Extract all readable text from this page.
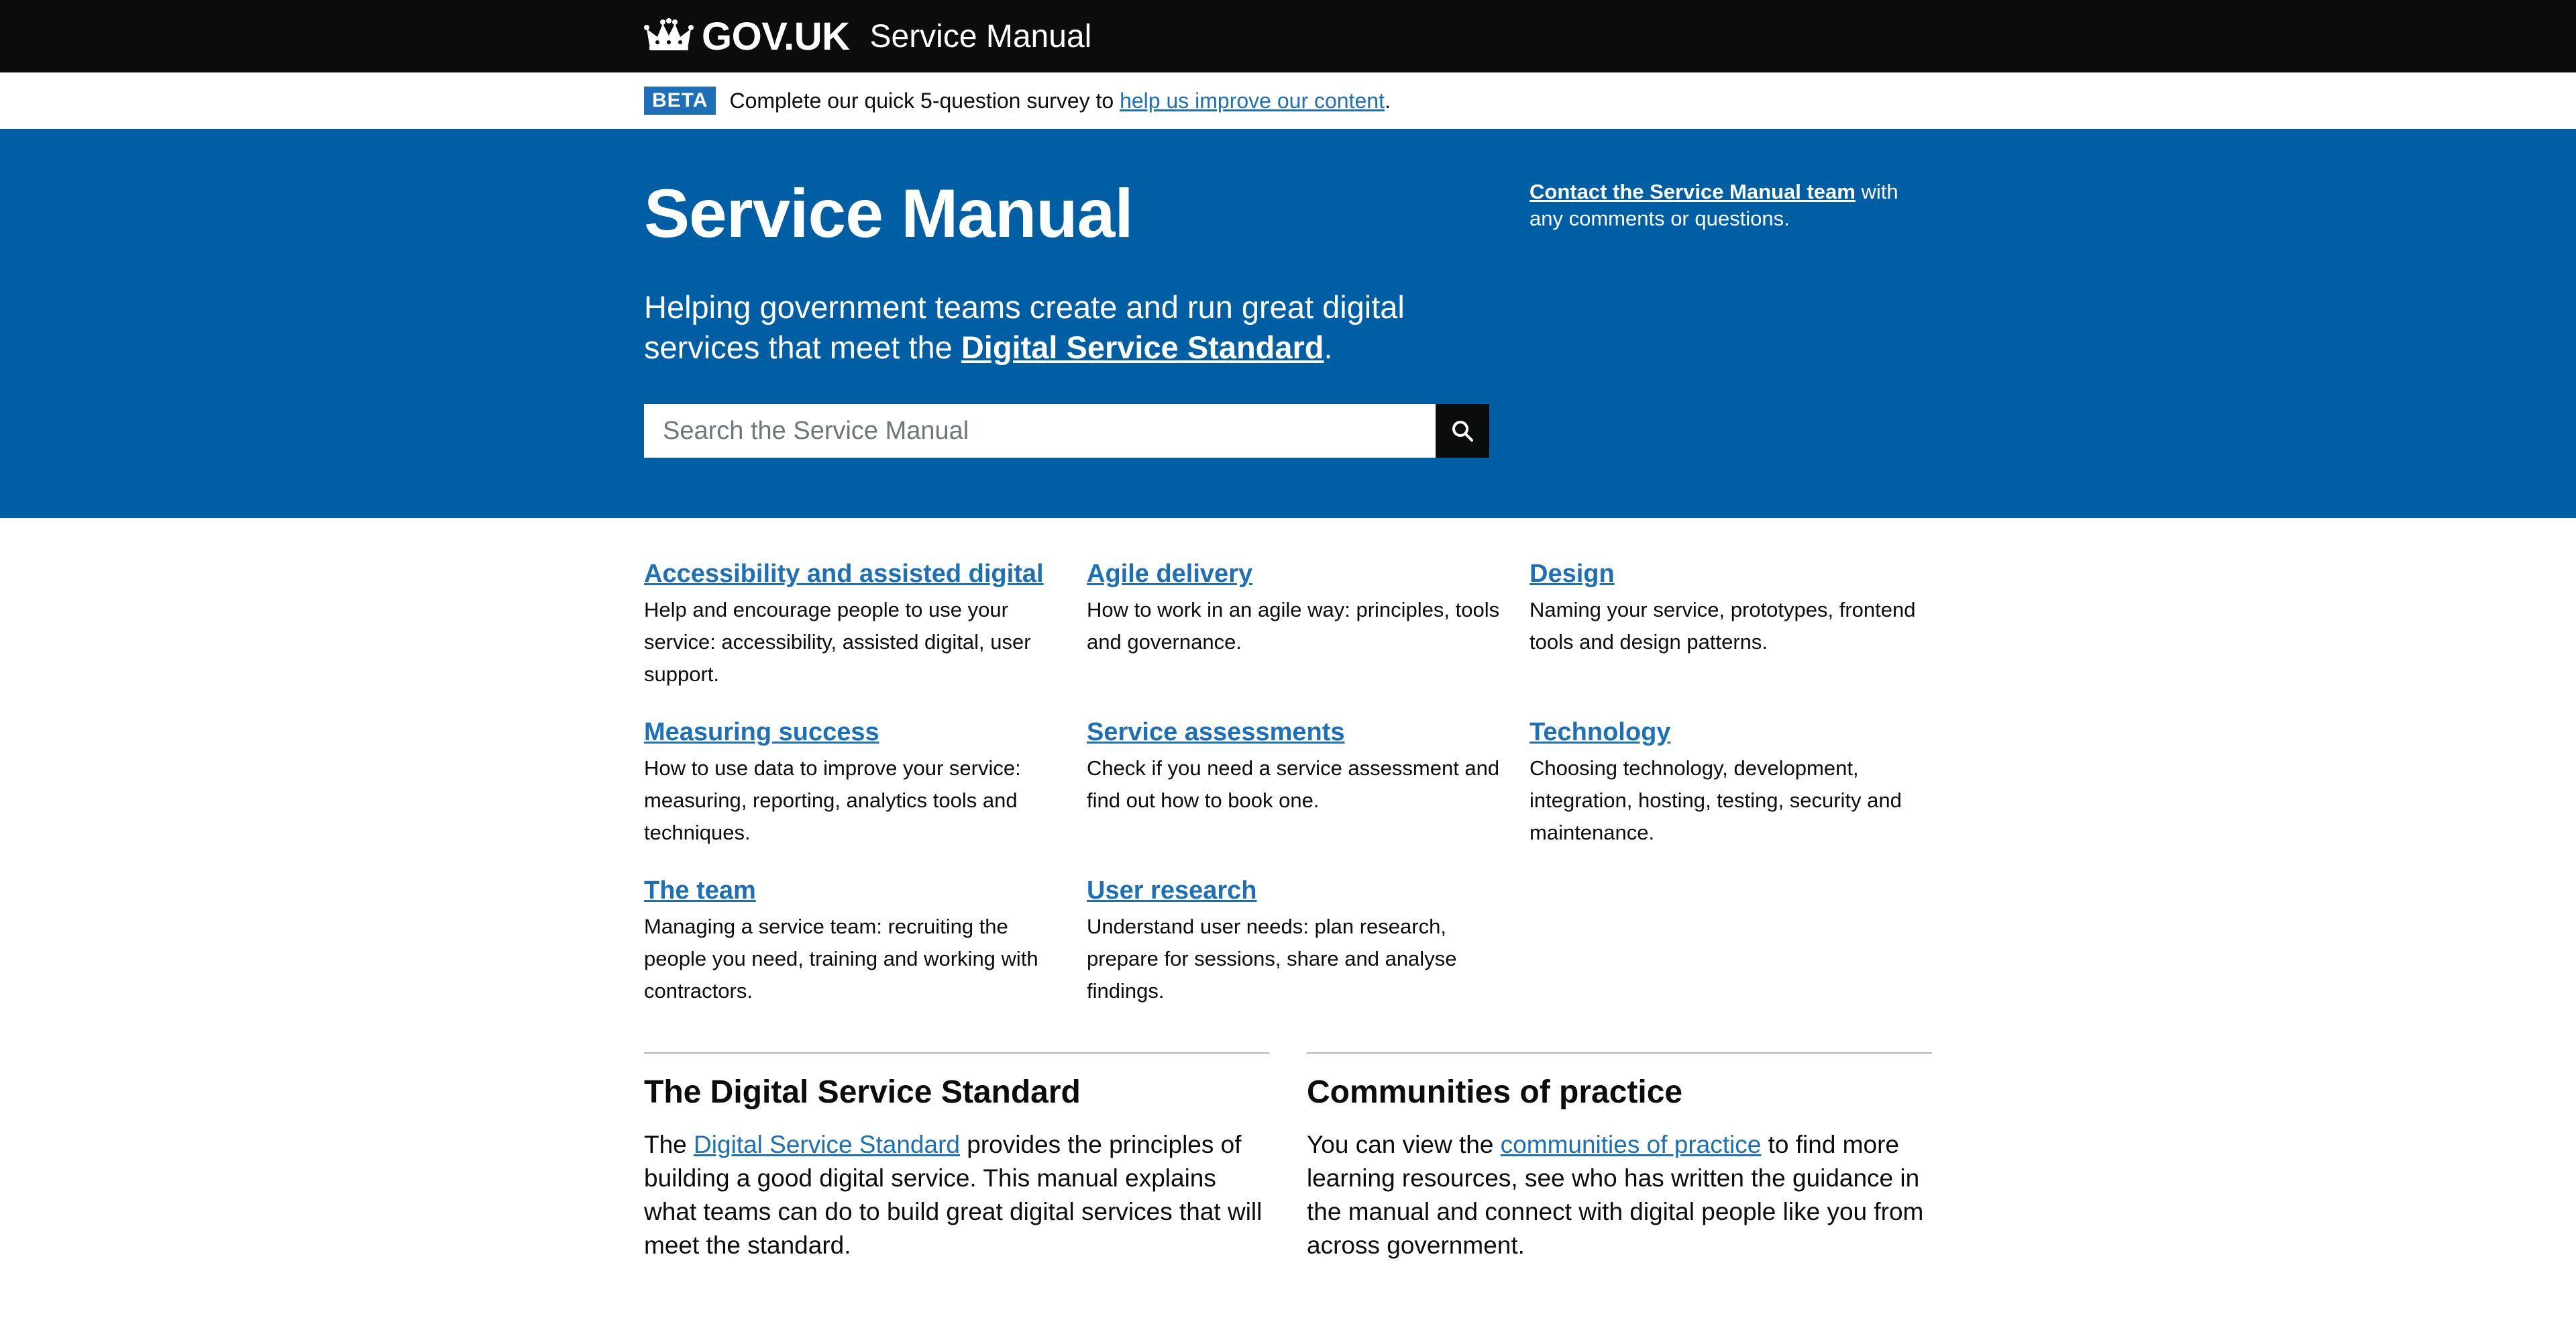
GOV.UK Service Manual
BETA	Complete our quick 5-question survey to help us improve our content.
Service Manual

Helping government teams create and run great digital services that meet the Digital Service Standard.

Contact the Service Manual team with any comments or questions.

Search the Service Manual
Accessibility and assisted digital

Help and encourage people to use your service: accessibility, assisted digital, user support.

Agile delivery

How to work in an agile way: principles, tools and governance.

Design

Naming your service, prototypes, frontend tools and design patterns.

Measuring success

How to use data to improve your service: measuring, reporting, analytics tools and techniques.

Service assessments

Check if you need a service assessment and find out how to book one.

Technology

Choosing technology, development, integration, hosting, testing, security and maintenance.

The team

Managing a service team: recruiting the people you need, training and working with contractors.

User research

Understand user needs: plan research, prepare for sessions, share and analyse findings.

The Digital Service Standard

The Digital Service Standard provides the principles of building a good digital service. This manual explains what teams can do to build great digital services that will meet the standard.

Communities of practice

You can view the communities of practice to find more learning resources, see who has written the guidance in the manual and connect with digital people like you from across government.
